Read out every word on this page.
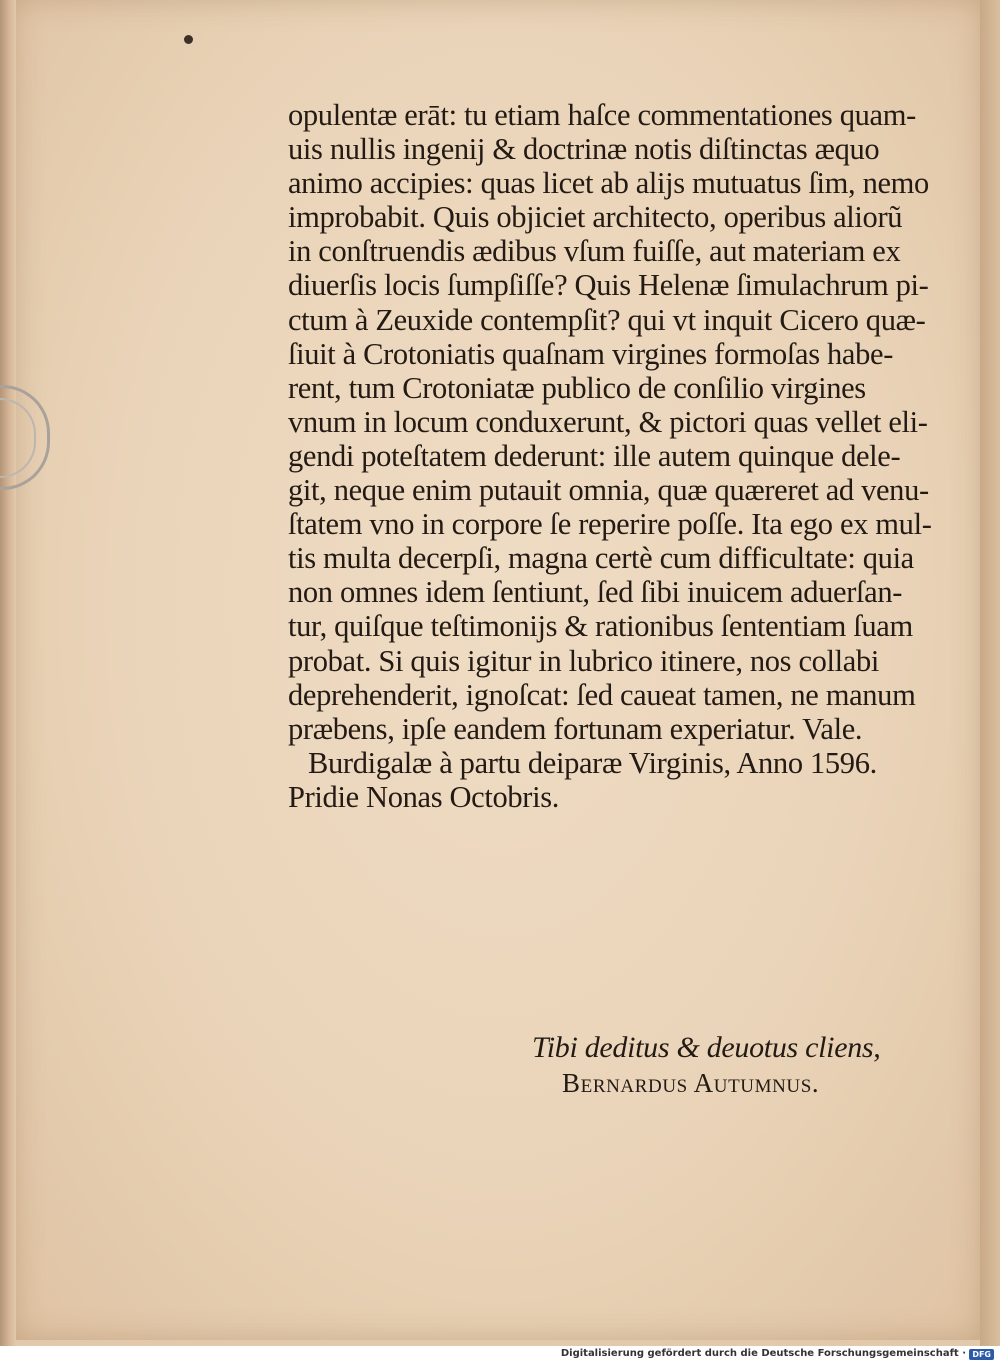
opulentæ erāt: tu etiam haſce commentationes quam-
uis nullis ingenij & doctrinæ notis diſtinctas æquo
animo accipies: quas licet ab alijs mutuatus ſim, nemo
improbabit. Quis objiciet architecto, operibus aliorũ
in conſtruendis ædibus vſum fuiſſe, aut materiam ex
diuerſis locis ſumpſiſſe? Quis Helenæ ſimulachrum pi-
ctum à Zeuxide contempſit? qui vt inquit Cicero quæ-
ſiuit à Crotoniatis quaſnam virgines formoſas habe-
rent, tum Crotoniatæ publico de conſilio virgines
vnum in locum conduxerunt, & pictori quas vellet eli-
gendi poteſtatem dederunt: ille autem quinque dele-
git, neque enim putauit omnia, quæ quæreret ad venu-
ſtatem vno in corpore ſe reperire poſſe. Ita ego ex mul-
tis multa decerpſi, magna certè cum difficultate: quia
non omnes idem ſentiunt, ſed ſibi inuicem aduerſan-
tur, quiſque teſtimonijs & rationibus ſententiam ſuam
probat. Si quis igitur in lubrico itinere, nos collabi
deprehenderit, ignoſcat: ſed caueat tamen, ne manum
præbens, ipſe eandem fortunam experiatur. Vale.
Burdigalæ à partu deiparæ Virginis, Anno 1596.
Pridie Nonas Octobris.
Tibi deditus & deuotus cliens,
Bernardus Autumnus.
Digitalisierung gefördert durch die Deutsche Forschungsgemeinschaft · DFG
